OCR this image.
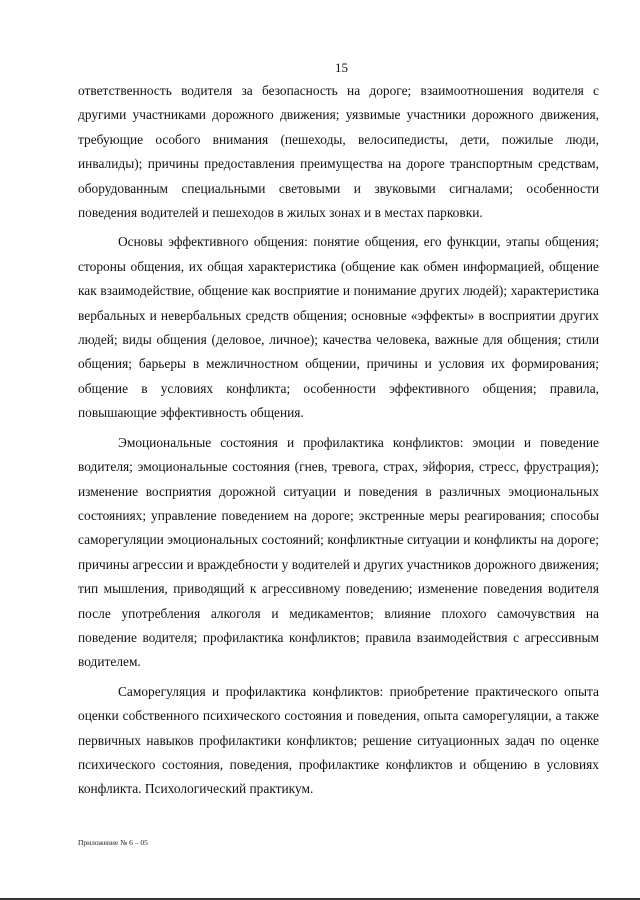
15

ответственность водителя за безопасность на дороге; взаимоотношения водителя с другими участниками дорожного движения; уязвимые участники дорожного движения, требующие особого внимания (пешеходы, велосипедисты, дети, пожилые люди, инвалиды); причины предоставления преимущества на дороге транспортным средствам, оборудованным специальными световыми и звуковыми сигналами; особенности поведения водителей и пешеходов в жилых зонах и в местах парковки.

Основы эффективного общения: понятие общения, его функции, этапы общения; стороны общения, их общая характеристика (общение как обмен информацией, общение как взаимодействие, общение как восприятие и понимание других людей); характеристика вербальных и невербальных средств общения; основные «эффекты» в восприятии других людей; виды общения (деловое, личное); качества человека, важные для общения; стили общения; барьеры в межличностном общении, причины и условия их формирования; общение в условиях конфликта; особенности эффективного общения; правила, повышающие эффективность общения.

Эмоциональные состояния и профилактика конфликтов: эмоции и поведение водителя; эмоциональные состояния (гнев, тревога, страх, эйфория, стресс, фрустрация); изменение восприятия дорожной ситуации и поведения в различных эмоциональных состояниях; управление поведением на дороге; экстренные меры реагирования; способы саморегуляции эмоциональных состояний; конфликтные ситуации и конфликты на дороге; причины агрессии и враждебности у водителей и других участников дорожного движения; тип мышления, приводящий к агрессивному поведению; изменение поведения водителя после употребления алкоголя и медикаментов; влияние плохого самочувствия на поведение водителя; профилактика конфликтов; правила взаимодействия с агрессивным водителем.

Саморегуляция и профилактика конфликтов: приобретение практического опыта оценки собственного психического состояния и поведения, опыта саморегуляции, а также первичных навыков профилактики конфликтов; решение ситуационных задач по оценке психического состояния, поведения, профилактике конфликтов и общению в условиях конфликта. Психологический практикум.

Приложение № 6 – 05
